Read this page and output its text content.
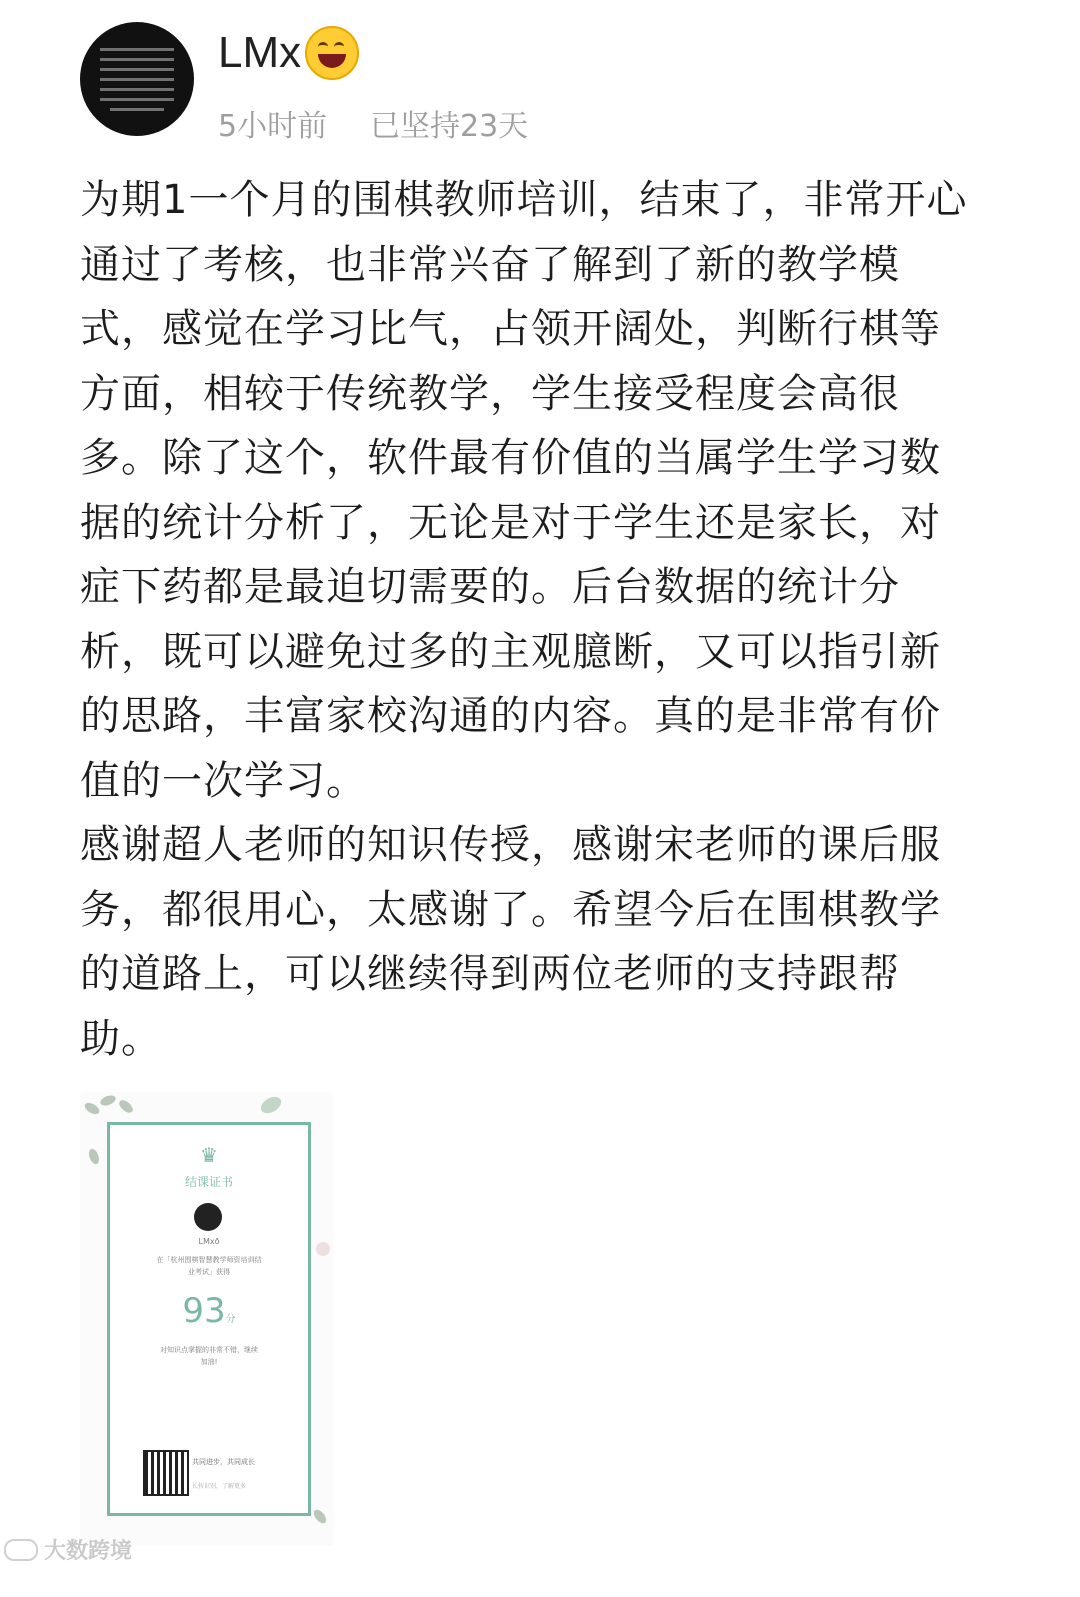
LMx
5小时前 已坚持23天

为期1一个月的围棋教师培训，结束了，非常开心通过了考核，也非常兴奋了解到了新的教学模式，感觉在学习比气，占领开阔处，判断行棋等方面，相较于传统教学，学生接受程度会高很多。除了这个，软件最有价值的当属学生学习数据的统计分析了，无论是对于学生还是家长，对症下药都是最迫切需要的。后台数据的统计分析，既可以避免过多的主观臆断，又可以指引新的思路，丰富家校沟通的内容。真的是非常有价值的一次学习。

感谢超人老师的知识传授，感谢宋老师的课后服务，都很用心，太感谢了。希望今后在围棋教学的道路上，可以继续得到两位老师的支持跟帮助。

♛
结课证书
LMxð
在「杭州围棋智慧教学师资培训结
业考试」获得
93分
对知识点掌握的非常不错，继续
加油!
共同进步，共同成长
长按识别，了解更多
大数跨境
